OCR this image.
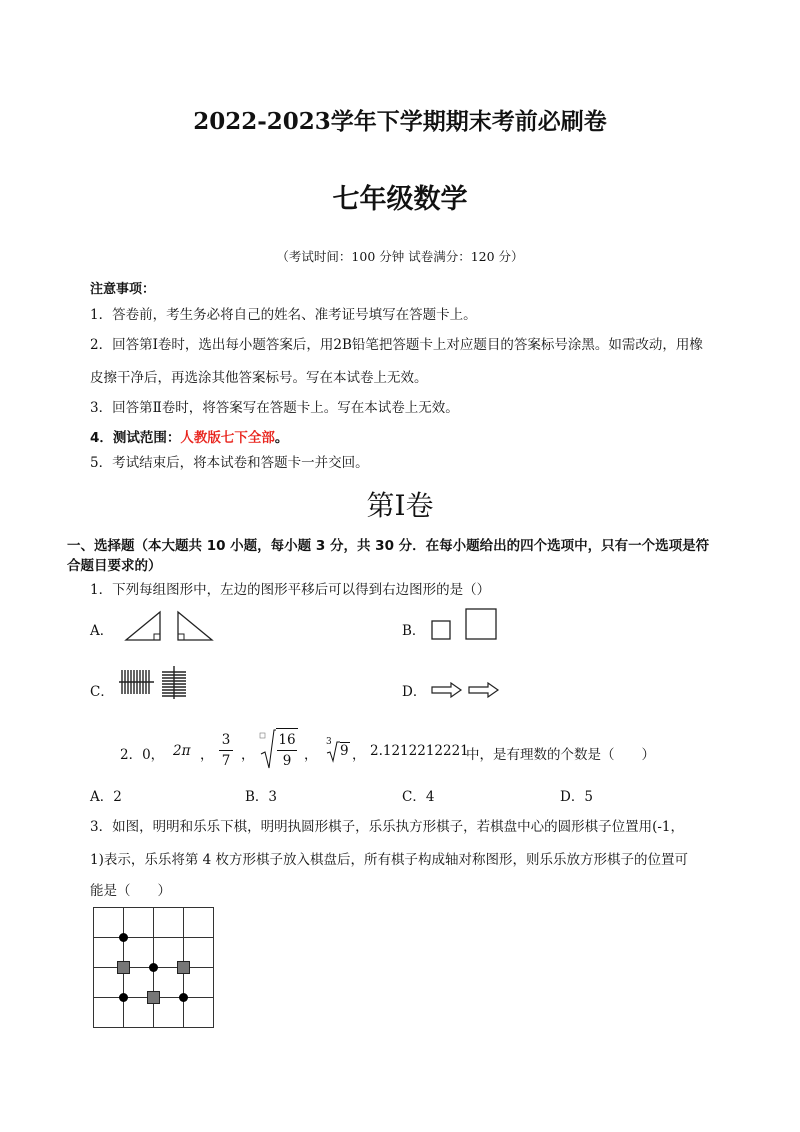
2022-2023学年下学期期末考前必刷卷
七年级数学
（考试时间：100 分钟 试卷满分：120 分）
注意事项：
1．答卷前，考生务必将自己的姓名、准考证号填写在答题卡上。
2．回答第Ⅰ卷时，选出每小题答案后，用2B铅笔把答题卡上对应题目的答案标号涂黑。如需改动，用橡
皮擦干净后，再选涂其他答案标号。写在本试卷上无效。
3．回答第Ⅱ卷时，将答案写在答题卡上。写在本试卷上无效。
4．测试范围：人教版七下全部。
5．考试结束后，将本试卷和答题卡一并交回。
第Ⅰ卷
一、选择题（本大题共 10 小题，每小题 3 分，共 30 分．在每小题给出的四个选项中，只有一个选项是符
合题目要求的）
1．下列每组图形中，左边的图形平移后可以得到右边图形的是（）
A．	B．
C．	D．
2．0， 2π ，
3
7 ，
16
9 ，
3
9 ， 2.1212212221
中，是有理数的个数是（　　）
A．2	B．3	C．4	D．5
3．如图，明明和乐乐下棋，明明执圆形棋子，乐乐执方形棋子，若棋盘中心的圆形棋子位置用(-1，
1)表示，乐乐将第 4 枚方形棋子放入棋盘后，所有棋子构成轴对称图形，则乐乐放方形棋子的位置可
能是（　　）
